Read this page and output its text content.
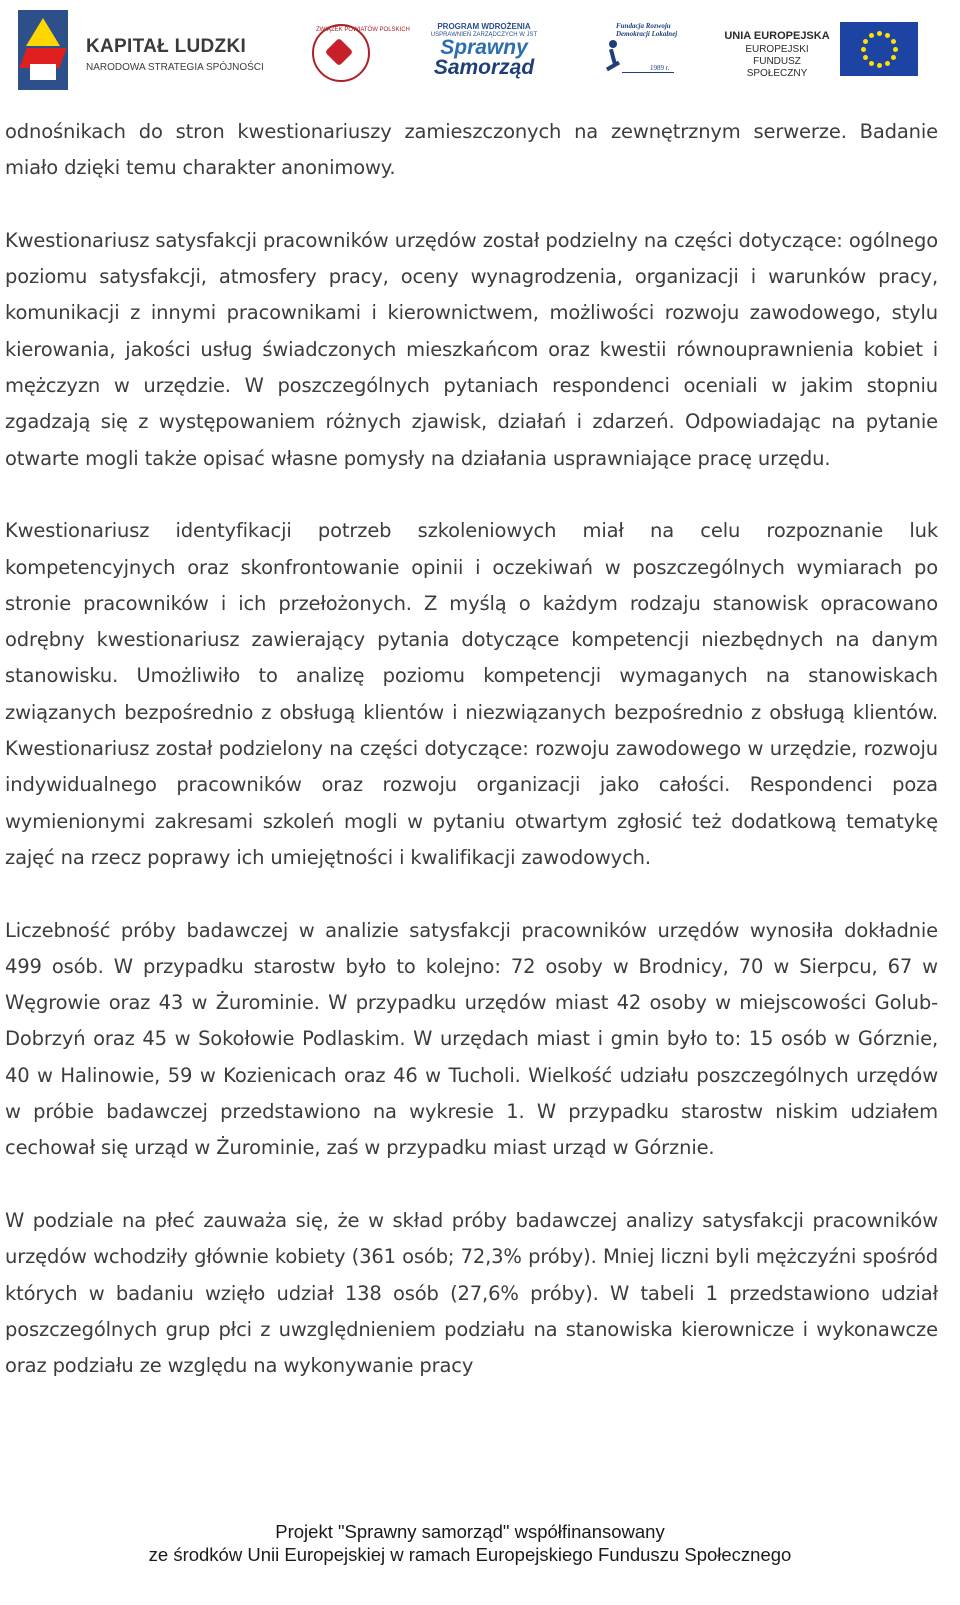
KAPITAŁ LUDZKI
NARODOWA STRATEGIA SPÓJNOŚCI
ZWIĄZEK POWIATÓW POLSKICH	PROGRAM WDROŻENIA
USPRAWNIEŃ ZARZĄDCZYCH W JST
Sprawny
Samorząd
Fundacja Rozwoju
Demokracji Lokalnej
1989 r.
UNIA EUROPEJSKA
EUROPEJSKI
FUNDUSZ SPOŁECZNY

odnośnikach do stron kwestionariuszy zamieszczonych na zewnętrznym serwerze. Badanie miało dzięki temu charakter anonimowy.

Kwestionariusz satysfakcji pracowników urzędów został podzielny na części dotyczące: ogólnego poziomu satysfakcji, atmosfery pracy, oceny wynagrodzenia, organizacji i warunków pracy, komunikacji z innymi pracownikami i kierownictwem, możliwości rozwoju zawodowego, stylu kierowania, jakości usług świadczonych mieszkańcom oraz kwestii równouprawnienia kobiet i mężczyzn w urzędzie. W poszczególnych pytaniach respondenci oceniali w jakim stopniu zgadzają się z występowaniem różnych zjawisk, działań i zdarzeń. Odpowiadając na pytanie otwarte mogli także opisać własne pomysły na działania usprawniające pracę urzędu.

Kwestionariusz identyfikacji potrzeb szkoleniowych miał na celu rozpoznanie luk kompetencyjnych oraz skonfrontowanie opinii i oczekiwań w poszczególnych wymiarach po stronie pracowników i ich przełożonych. Z myślą o każdym rodzaju stanowisk opracowano odrębny kwestionariusz zawierający pytania dotyczące kompetencji niezbędnych na danym stanowisku. Umożliwiło to analizę poziomu kompetencji wymaganych na stanowiskach związanych bezpośrednio z obsługą klientów i niezwiązanych bezpośrednio z obsługą klientów. Kwestionariusz został podzielony na części dotyczące: rozwoju zawodowego w urzędzie, rozwoju indywidualnego pracowników oraz rozwoju organizacji jako całości. Respondenci poza wymienionymi zakresami szkoleń mogli w pytaniu otwartym zgłosić też dodatkową tematykę zajęć na rzecz poprawy ich umiejętności i kwalifikacji zawodowych.

Liczebność próby badawczej w analizie satysfakcji pracowników urzędów wynosiła dokładnie 499 osób. W przypadku starostw było to kolejno: 72 osoby w Brodnicy, 70 w Sierpcu, 67 w Węgrowie oraz 43 w Żurominie. W przypadku urzędów miast 42 osoby w miejscowości Golub-Dobrzyń oraz 45 w Sokołowie Podlaskim. W urzędach miast i gmin było to: 15 osób w Górznie, 40 w Halinowie, 59 w Kozienicach oraz 46 w Tucholi. Wielkość udziału poszczególnych urzędów w próbie badawczej przedstawiono na wykresie 1. W przypadku starostw niskim udziałem cechował się urząd w Żurominie, zaś w przypadku miast urząd w Górznie.

W podziale na płeć zauważa się, że w skład próby badawczej analizy satysfakcji pracowników urzędów wchodziły głównie kobiety (361 osób; 72,3% próby). Mniej liczni byli mężczyźni spośród których w badaniu wzięło udział 138 osób (27,6% próby). W tabeli 1 przedstawiono udział poszczególnych grup płci z uwzględnieniem podziału na stanowiska kierownicze i wykonawcze oraz podziału ze względu na wykonywanie pracy

Projekt "Sprawny samorząd" współfinansowany
ze środków Unii Europejskiej w ramach Europejskiego Funduszu Społecznego
